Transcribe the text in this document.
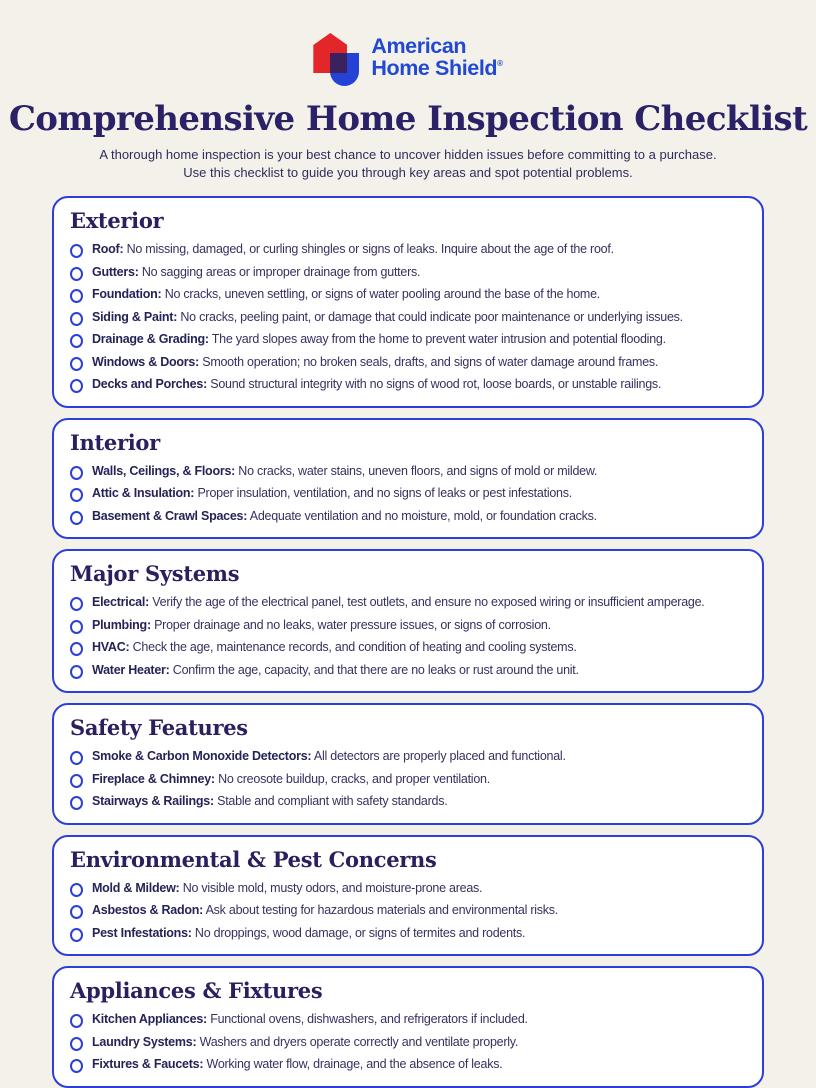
American
Home Shield®
Comprehensive Home Inspection Checklist

A thorough home inspection is your best chance to uncover hidden issues before committing to a purchase.
Use this checklist to guide you through key areas and spot potential problems.

Exterior

Roof: No missing, damaged, or curling shingles or signs of leaks. Inquire about the age of the roof.

Gutters: No sagging areas or improper drainage from gutters.

Foundation: No cracks, uneven settling, or signs of water pooling around the base of the home.

Siding & Paint: No cracks, peeling paint, or damage that could indicate poor maintenance or underlying issues.

Drainage & Grading: The yard slopes away from the home to prevent water intrusion and potential flooding.

Windows & Doors: Smooth operation; no broken seals, drafts, and signs of water damage around frames.

Decks and Porches: Sound structural integrity with no signs of wood rot, loose boards, or unstable railings.

Interior

Walls, Ceilings, & Floors: No cracks, water stains, uneven floors, and signs of mold or mildew.

Attic & Insulation: Proper insulation, ventilation, and no signs of leaks or pest infestations.

Basement & Crawl Spaces: Adequate ventilation and no moisture, mold, or foundation cracks.

Major Systems

Electrical: Verify the age of the electrical panel, test outlets, and ensure no exposed wiring or insufficient amperage.

Plumbing: Proper drainage and no leaks, water pressure issues, or signs of corrosion.

HVAC: Check the age, maintenance records, and condition of heating and cooling systems.

Water Heater: Confirm the age, capacity, and that there are no leaks or rust around the unit.

Safety Features

Smoke & Carbon Monoxide Detectors: All detectors are properly placed and functional.

Fireplace & Chimney: No creosote buildup, cracks, and proper ventilation.

Stairways & Railings: Stable and compliant with safety standards.

Environmental & Pest Concerns

Mold & Mildew: No visible mold, musty odors, and moisture-prone areas.

Asbestos & Radon: Ask about testing for hazardous materials and environmental risks.

Pest Infestations: No droppings, wood damage, or signs of termites and rodents.

Appliances & Fixtures

Kitchen Appliances: Functional ovens, dishwashers, and refrigerators if included.

Laundry Systems: Washers and dryers operate correctly and ventilate properly.

Fixtures & Faucets: Working water flow, drainage, and the absence of leaks.
